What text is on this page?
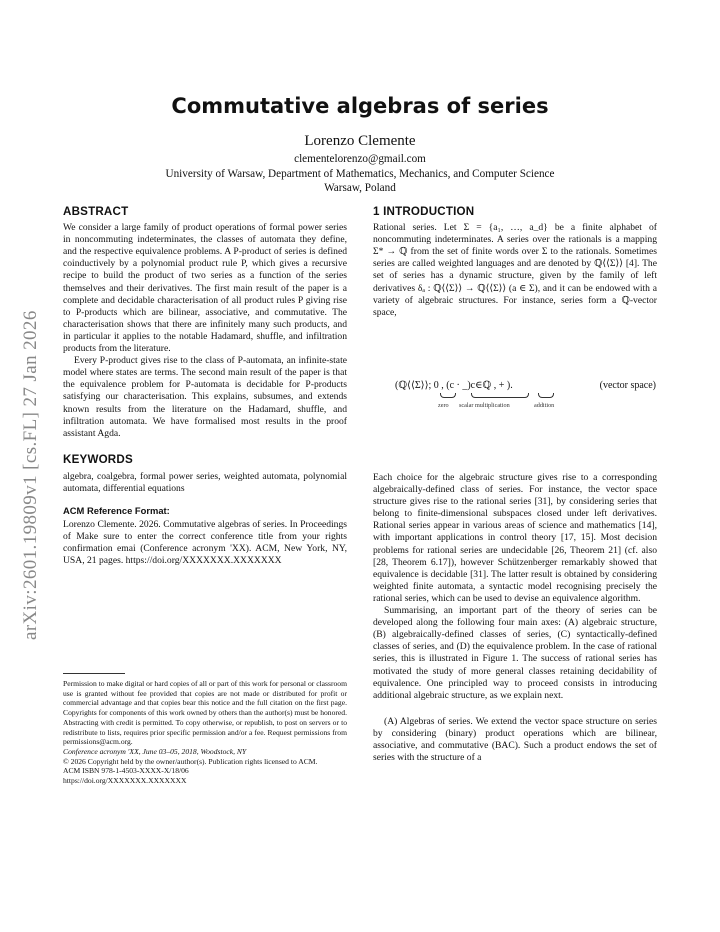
arXiv:2601.19809v1 [cs.FL] 27 Jan 2026
Commutative algebras of series
Lorenzo Clemente
clementelorenzo@gmail.com
University of Warsaw, Department of Mathematics, Mechanics, and Computer Science
Warsaw, Poland
ABSTRACT

We consider a large family of product operations of formal power series in noncommuting indeterminates, the classes of automata they define, and the respective equivalence problems. A P-product of series is defined coinductively by a polynomial product rule P, which gives a recursive recipe to build the product of two series as a function of the series themselves and their derivatives. The first main result of the paper is a complete and decidable characterisation of all product rules P giving rise to P-products which are bilinear, associative, and commutative. The characterisation shows that there are infinitely many such products, and in particular it applies to the notable Hadamard, shuffle, and infiltration products from the literature.

Every P-product gives rise to the class of P-automata, an infinite-state model where states are terms. The second main result of the paper is that the equivalence problem for P-automata is decidable for P-products satisfying our characterisation. This explains, subsumes, and extends known results from the literature on the Hadamard, shuffle, and infiltration automata. We have formalised most results in the proof assistant Agda.

KEYWORDS

algebra, coalgebra, formal power series, weighted automata, polynomial automata, differential equations

ACM Reference Format:

Lorenzo Clemente. 2026. Commutative algebras of series. In Proceedings of Make sure to enter the correct conference title from your rights confirmation emai (Conference acronym 'XX). ACM, New York, NY, USA, 21 pages. https://doi.org/XXXXXXX.XXXXXXX

Permission to make digital or hard copies of all or part of this work for personal or classroom use is granted without fee provided that copies are not made or distributed for profit or commercial advantage and that copies bear this notice and the full citation on the first page. Copyrights for components of this work owned by others than the author(s) must be honored. Abstracting with credit is permitted. To copy otherwise, or republish, to post on servers or to redistribute to lists, requires prior specific permission and/or a fee. Request permissions from permissions@acm.org.

Conference acronym 'XX, June 03–05, 2018, Woodstock, NY

© 2026 Copyright held by the owner/author(s). Publication rights licensed to ACM.

ACM ISBN 978-1-4503-XXXX-X/18/06

https://doi.org/XXXXXXX.XXXXXXX

1 INTRODUCTION

Rational series. Let Σ = {a₁, …, a_d} be a finite alphabet of noncommuting indeterminates. A series over the rationals is a mapping Σ* → ℚ from the set of finite words over Σ to the rationals. Sometimes series are called weighted languages and are denoted by ℚ⟨⟨Σ⟩⟩ [4]. The set of series has a dynamic structure, given by the family of left derivatives δₐ : ℚ⟨⟨Σ⟩⟩ → ℚ⟨⟨Σ⟩⟩ (a ∈ Σ), and it can be endowed with a variety of algebraic structures. For instance, series form a ℚ-vector space,

(ℚ⟨⟨Σ⟩⟩; 0 , (c · _)c∈ℚ , + ).	(vector space)
zero scalar multiplication	addition

Each choice for the algebraic structure gives rise to a corresponding algebraically-defined class of series. For instance, the vector space structure gives rise to the rational series [31], by considering series that belong to finite-dimensional subspaces closed under left derivatives. Rational series appear in various areas of science and mathematics [14], with important applications in control theory [17, 15]. Most decision problems for rational series are undecidable [26, Theorem 21] (cf. also [28, Theorem 6.17]), however Schützenberger remarkably showed that equivalence is decidable [31]. The latter result is obtained by considering weighted finite automata, a syntactic model recognising precisely the rational series, which can be used to devise an equivalence algorithm.

Summarising, an important part of the theory of series can be developed along the following four main axes: (A) algebraic structure, (B) algebraically-defined classes of series, (C) syntactically-defined classes of series, and (D) the equivalence problem. In the case of rational series, this is illustrated in Figure 1. The success of rational series has motivated the study of more general classes retaining decidability of equivalence. One principled way to proceed consists in introducing additional algebraic structure, as we explain next.

(A) Algebras of series. We extend the vector space structure on series by considering (binary) product operations which are bilinear, associative, and commutative (BAC). Such a product endows the set of series with the structure of a
